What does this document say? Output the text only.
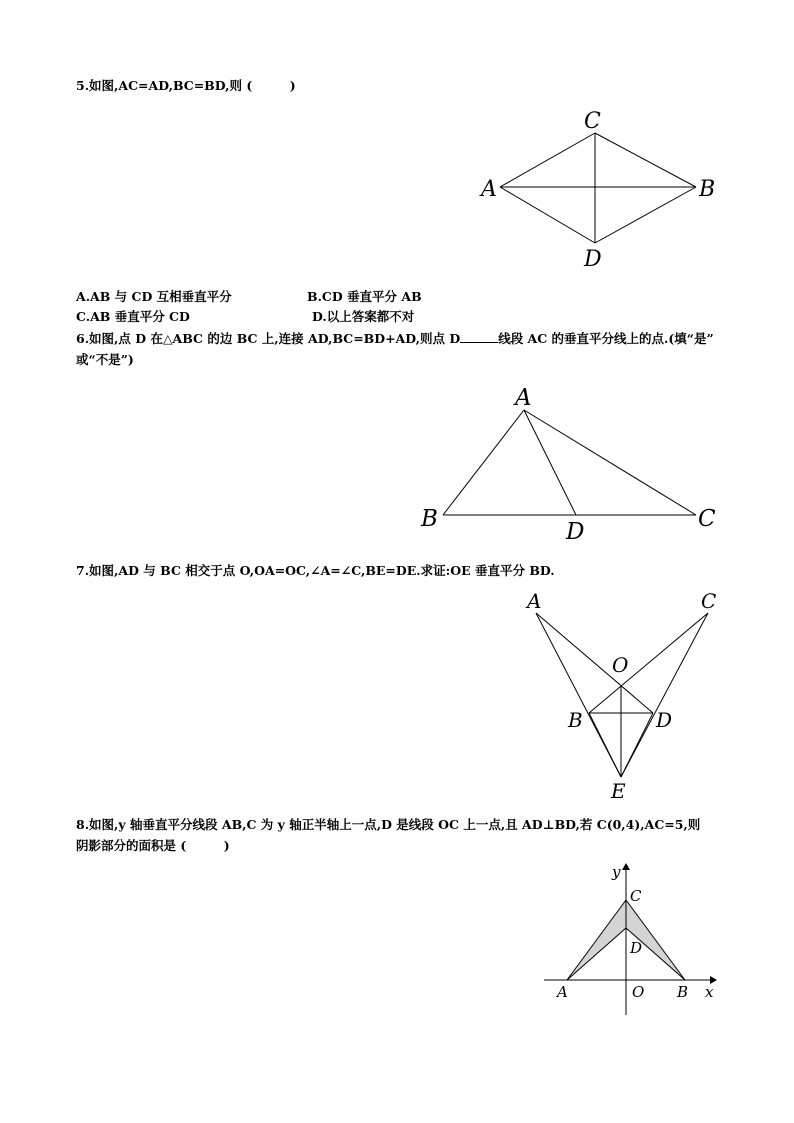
5.如图,AC=AD,BC=BD,则 (　　　)
C
A	B
D
A.AB 与 CD 互相垂直平分	B.CD 垂直平分 AB
C.AB 垂直平分 CD	D.以上答案都不对
6.如图,点 D 在△ABC 的边 BC 上,连接 AD,BC=BD+AD,则点 D	线段 AC 的垂直平分线上的点.(填“是”
或“不是”)
A
B	D	C
7.如图,AD 与 BC 相交于点 O,OA=OC,∠A=∠C,BE=DE.求证:OE 垂直平分 BD.
A	C
O
B	D
E
8.如图,y 轴垂直平分线段 AB,C 为 y 轴正半轴上一点,D 是线段 OC 上一点,且 AD⊥BD,若 C(0,4),AC=5,则
阴影部分的面积是 (　　　)
y
C
D
A	O B x
